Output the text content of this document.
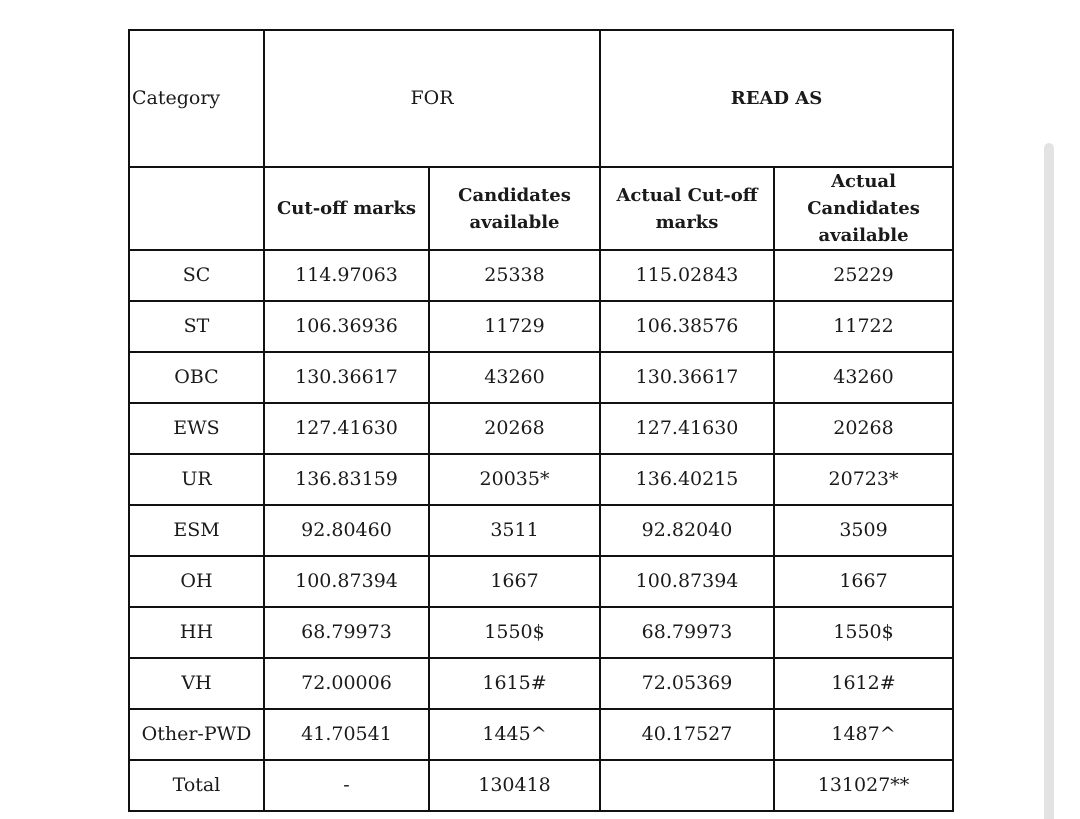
Category	FOR		READ AS	
	Cut-off marks	Candidates available	Actual Cut-off marks	Actual Candidates available
SC	114.97063	25338	115.02843	25229
ST	106.36936	11729	106.38576	11722
OBC	130.36617	43260	130.36617	43260
EWS	127.41630	20268	127.41630	20268
UR	136.83159	20035*	136.40215	20723*
ESM	92.80460	3511	92.82040	3509
OH	100.87394	1667	100.87394	1667
HH	68.79973	1550$	68.79973	1550$
VH	72.00006	1615#	72.05369	1612#
Other-PWD	41.70541	1445^	40.17527	1487^
Total	-	130418		131027**
